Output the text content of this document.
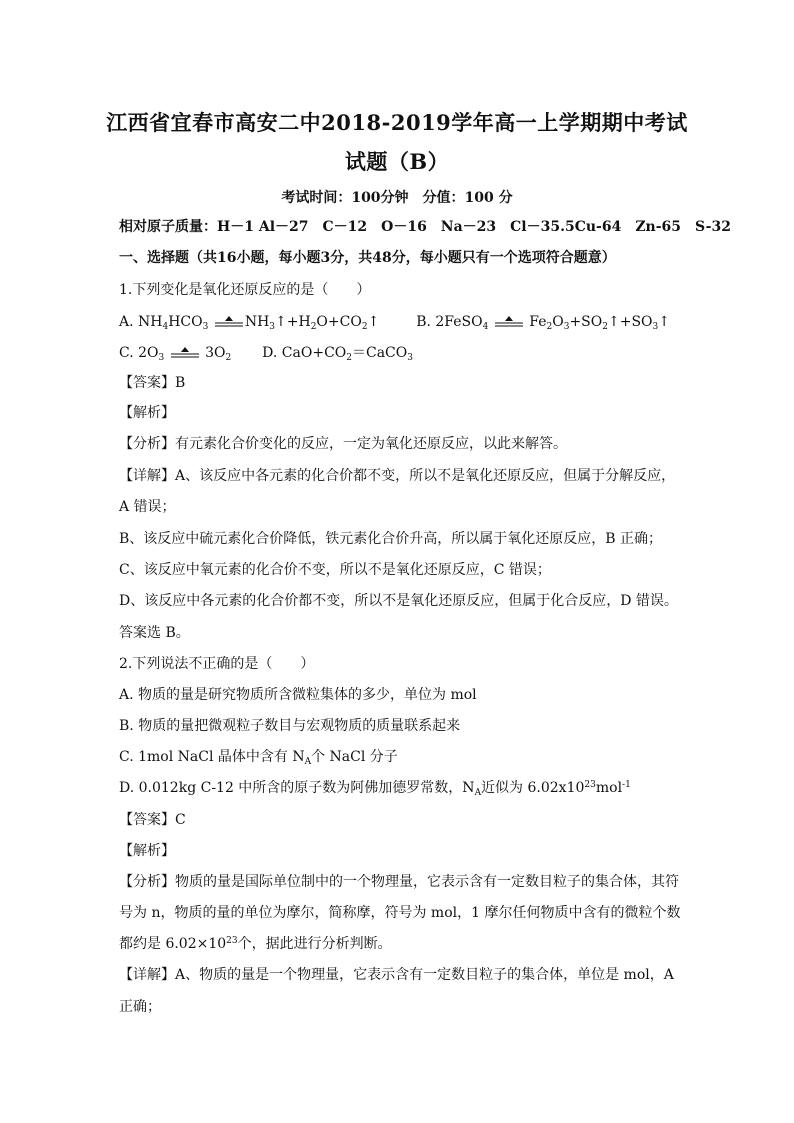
江西省宜春市高安二中2018-2019学年高一上学期期中考试
试题（B）
考试时间：100分钟　分值：100 分
相对原子质量：H－1 Al－27　C－12　O－16　Na－23　Cl－35.5Cu-64　Zn-65　S-32
一、选择题（共16小题，每小题3分，共48分，每小题只有一个选项符合题意）
1.下列变化是氧化还原反应的是（　　）
A. $NH_4HCO_3$	$NH_3↑+H_2O+CO_2↑$	B. 2FeSO$_4$	$Fe_2O_3+SO_2↑+SO_3↑$
C. $2O_3$	$3O_2$ D. $CaO+CO_2=CaCO_3$
【答案】B
【解析】
【分析】有元素化合价变化的反应，一定为氧化还原反应，以此来解答。
【详解】A、该反应中各元素的化合价都不变，所以不是氧化还原反应，但属于分解反应，
A 错误；
B、该反应中硫元素化合价降低，铁元素化合价升高，所以属于氧化还原反应，B 正确；
C、该反应中氧元素的化合价不变，所以不是氧化还原反应，C 错误；
D、该反应中各元素的化合价都不变，所以不是氧化还原反应，但属于化合反应，D 错误。
答案选 B。
2.下列说法不正确的是（　　）
A. 物质的量是研究物质所含微粒集体的多少，单位为 mol
B. 物质的量把微观粒子数目与宏观物质的质量联系起来
C. 1mol NaCl 晶体中含有 $N_A$个 NaCl 分子
D. 0.012kg C-12 中所含的原子数为阿佛加德罗常数，$N_A$近似为 $6.02x10^{23}mol^{-1}$
【答案】C
【解析】
【分析】物质的量是国际单位制中的一个物理量，它表示含有一定数目粒子的集合体，其符
号为 n，物质的量的单位为摩尔，简称摩，符号为 mol，1 摩尔任何物质中含有的微粒个数
都约是 $6.02\times 10^{23}$个，据此进行分析判断。
【详解】A、物质的量是一个物理量，它表示含有一定数目粒子的集合体，单位是 mol，A
正确；
